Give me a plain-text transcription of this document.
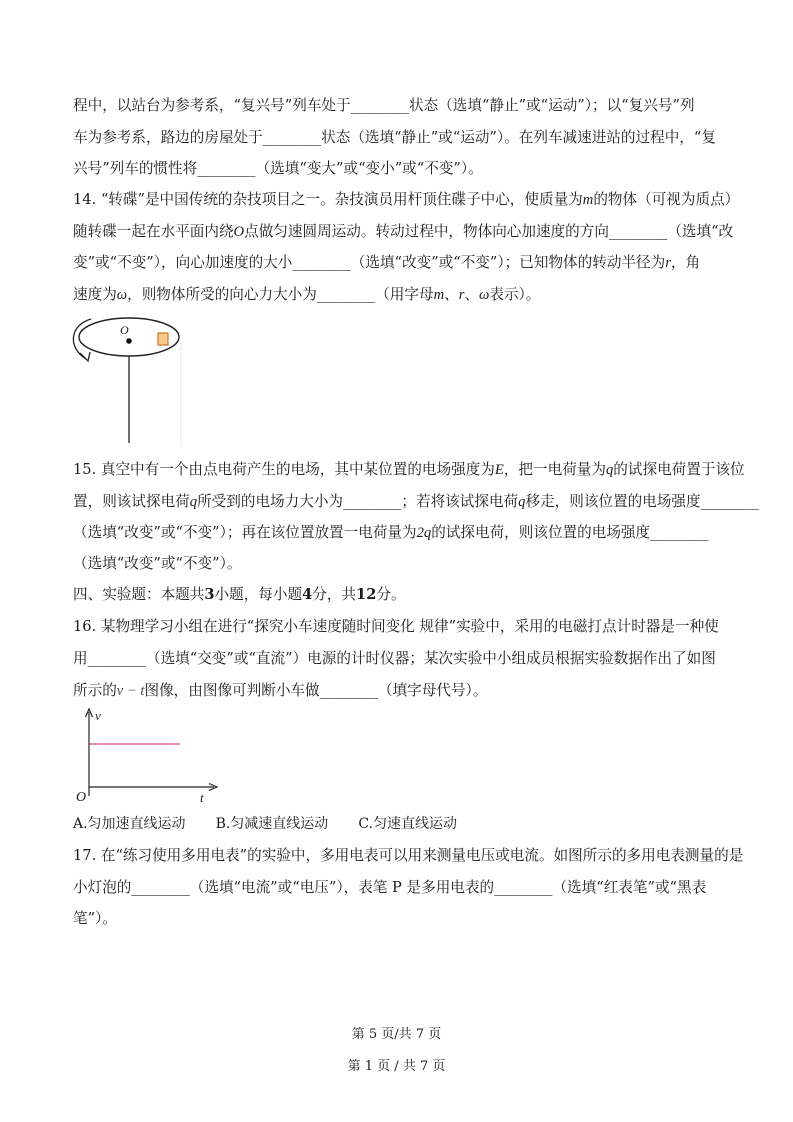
程中，以站台为参考系，“复兴号”列车处于________状态（选填“静止”或“运动”）；以“复兴号”列
车为参考系，路边的房屋处于________状态（选填“静止”或“运动”）。在列车减速进站的过程中，“复
兴号”列车的惯性将________（选填“变大”或“变小”或“不变”）。
14. “转碟”是中国传统的杂技项目之一。杂技演员用杆顶住碟子中心，使质量为m的物体（可视为质点）
随转碟一起在水平面内绕O点做匀速圆周运动。转动过程中，物体向心加速度的方向________（选填“改
变”或“不变”），向心加速度的大小________（选填“改变”或“不变”）；已知物体的转动半径为r，角
速度为ω，则物体所受的向心力大小为________（用字母m、r、ω表示）。
O
15. 真空中有一个由点电荷产生的电场，其中某位置的电场强度为E，把一电荷量为q的试探电荷置于该位
置，则该试探电荷q所受到的电场力大小为________；若将该试探电荷q移走，则该位置的电场强度________
（选填“改变”或“不变”）；再在该位置放置一电荷量为2q的试探电荷，则该位置的电场强度________
（选填“改变”或“不变”）。
四、实验题：本题共3小题，每小题4分，共12分。
16. 某物理学习小组在进行“探究小车速度随时间变化 规律”实验中，采用的电磁打点计时器是一种使
用________（选填“交变”或“直流”）电源的计时仪器；某次实验中小组成员根据实验数据作出了如图
所示的v − t图像，由图像可判断小车做________（填字母代号）。
v
t
O
A.匀加速直线运动 B.匀减速直线运动 C.匀速直线运动
17. 在“练习使用多用电表”的实验中，多用电表可以用来测量电压或电流。如图所示的多用电表测量的是
小灯泡的________（选填“电流”或“电压”），表笔 P 是多用电表的________（选填“红表笔”或“黑表
笔”）。
第 5 页/共 7 页
第 1 页 / 共 7 页
